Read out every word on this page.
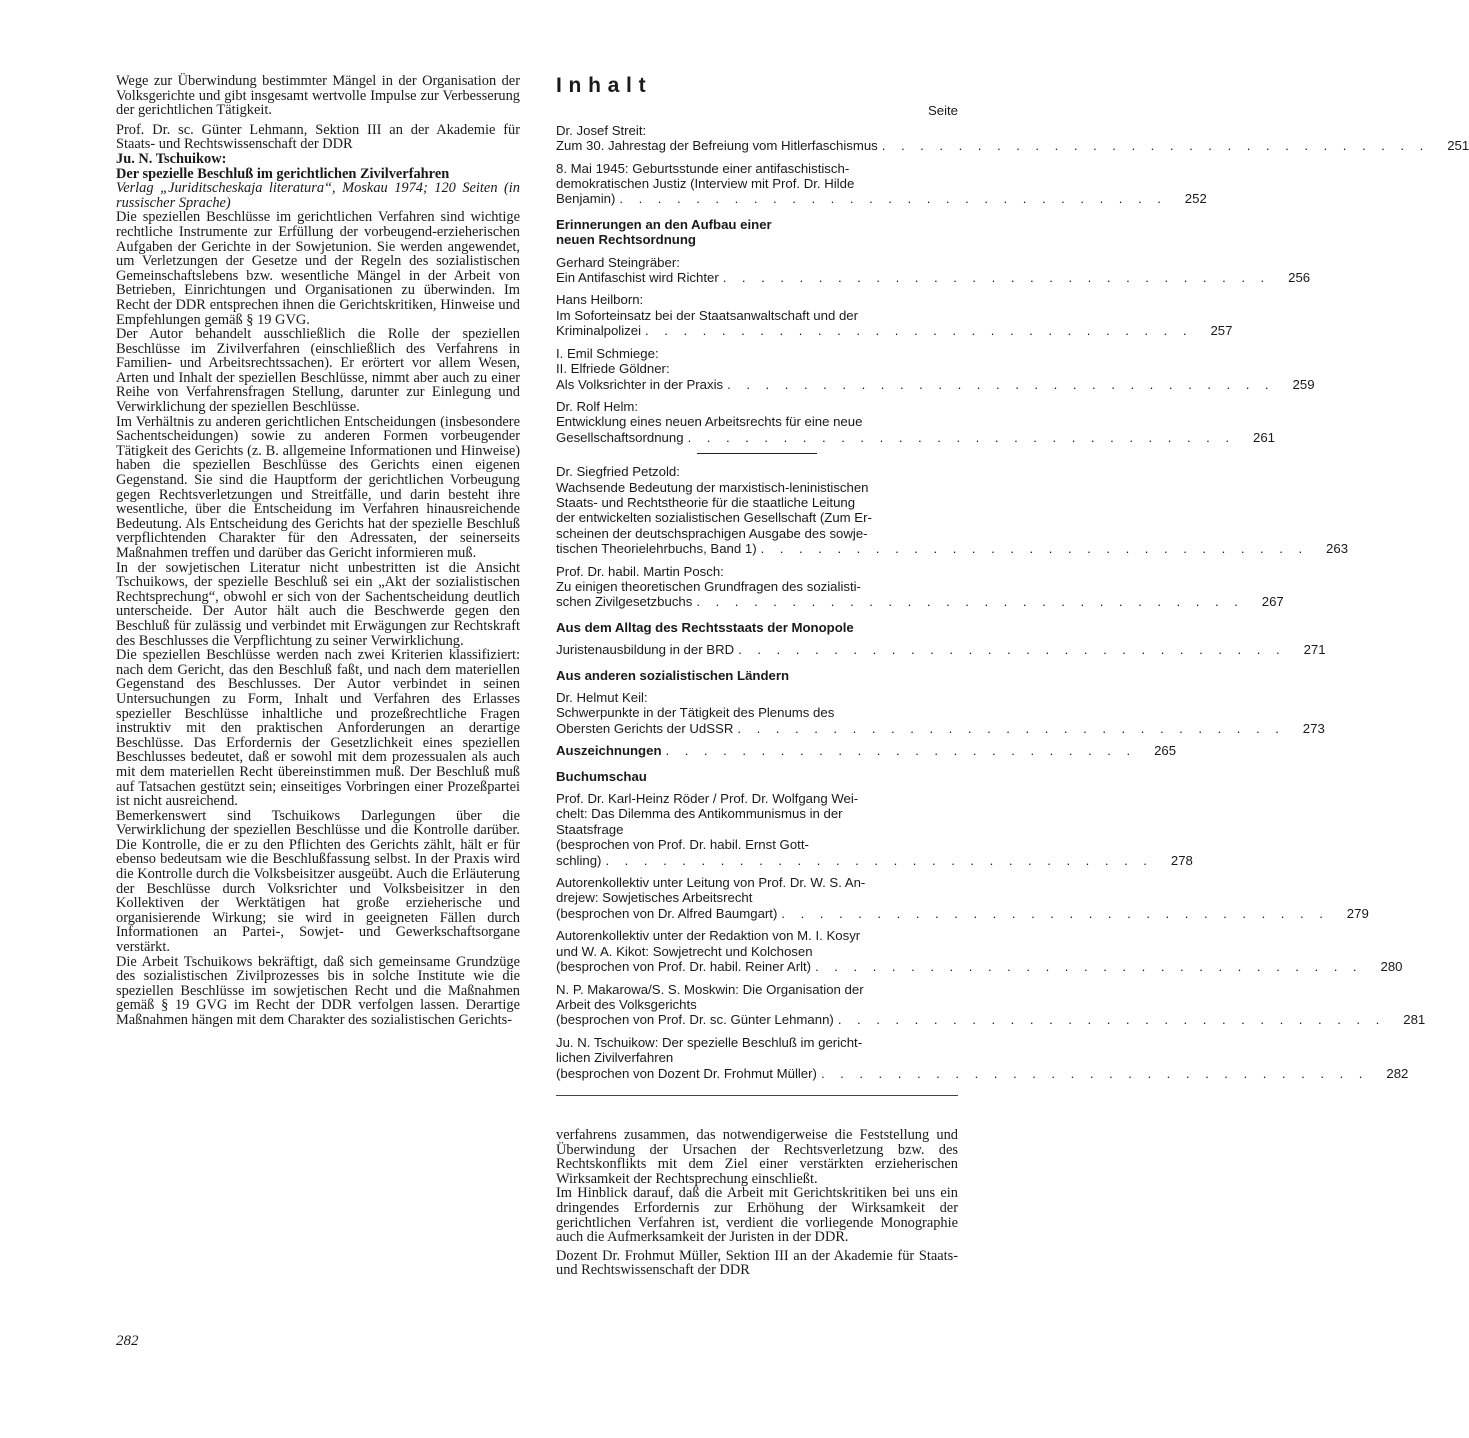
Wege zur Überwindung bestimmter Mängel in der Organisation der Volksgerichte und gibt insgesamt wertvolle Impulse zur Verbesserung der gerichtlichen Tätigkeit.

Prof. Dr. sc. Günter Lehmann, Sektion III an der Akademie für Staats- und Rechtswissenschaft der DDR

Ju. N. Tschuikow:

Der spezielle Beschluß im gerichtlichen Zivilverfahren

Verlag „Juriditscheskaja literatura“, Moskau 1974; 120 Seiten (in russischer Sprache)

Die speziellen Beschlüsse im gerichtlichen Verfahren sind wichtige rechtliche Instrumente zur Erfüllung der vorbeugend-erzieherischen Aufgaben der Gerichte in der Sowjetunion. Sie werden angewendet, um Verletzungen der Gesetze und der Regeln des sozialistischen Gemeinschaftslebens bzw. wesentliche Mängel in der Arbeit von Betrieben, Einrichtungen und Organisationen zu überwinden. Im Recht der DDR entsprechen ihnen die Gerichtskritiken, Hinweise und Empfehlungen gemäß § 19 GVG.

Der Autor behandelt ausschließlich die Rolle der speziellen Beschlüsse im Zivilverfahren (einschließlich des Verfahrens in Familien- und Arbeitsrechtssachen). Er erörtert vor allem Wesen, Arten und Inhalt der speziellen Beschlüsse, nimmt aber auch zu einer Reihe von Verfahrensfragen Stellung, darunter zur Einlegung und Verwirklichung der speziellen Beschlüsse.

Im Verhältnis zu anderen gerichtlichen Entscheidungen (insbesondere Sachentscheidungen) sowie zu anderen Formen vorbeugender Tätigkeit des Gerichts (z. B. allgemeine Informationen und Hinweise) haben die speziellen Beschlüsse des Gerichts einen eigenen Gegenstand. Sie sind die Hauptform der gerichtlichen Vorbeugung gegen Rechtsverletzungen und Streitfälle, und darin besteht ihre wesentliche, über die Entscheidung im Verfahren hinausreichende Bedeutung. Als Entscheidung des Gerichts hat der spezielle Beschluß verpflichtenden Charakter für den Adressaten, der seinerseits Maßnahmen treffen und darüber das Gericht informieren muß.

In der sowjetischen Literatur nicht unbestritten ist die Ansicht Tschuikows, der spezielle Beschluß sei ein „Akt der sozialistischen Rechtsprechung“, obwohl er sich von der Sachentscheidung deutlich unterscheide. Der Autor hält auch die Beschwerde gegen den Beschluß für zulässig und verbindet mit Erwägungen zur Rechtskraft des Beschlusses die Verpflichtung zu seiner Verwirklichung.

Die speziellen Beschlüsse werden nach zwei Kriterien klassifiziert: nach dem Gericht, das den Beschluß faßt, und nach dem materiellen Gegenstand des Beschlusses. Der Autor verbindet in seinen Untersuchungen zu Form, Inhalt und Verfahren des Erlasses spezieller Beschlüsse inhaltliche und prozeßrechtliche Fragen instruktiv mit den praktischen Anforderungen an derartige Beschlüsse. Das Erfordernis der Gesetzlichkeit eines speziellen Beschlusses bedeutet, daß er sowohl mit dem prozessualen als auch mit dem materiellen Recht übereinstimmen muß. Der Beschluß muß auf Tatsachen gestützt sein; einseitiges Vorbringen einer Prozeßpartei ist nicht ausreichend.

Bemerkenswert sind Tschuikows Darlegungen über die Verwirklichung der speziellen Beschlüsse und die Kontrolle darüber. Die Kontrolle, die er zu den Pflichten des Gerichts zählt, hält er für ebenso bedeutsam wie die Beschlußfassung selbst. In der Praxis wird die Kontrolle durch die Volksbeisitzer ausgeübt. Auch die Erläuterung der Beschlüsse durch Volksrichter und Volksbeisitzer in den Kollektiven der Werktätigen hat große erzieherische und organisierende Wirkung; sie wird in geeigneten Fällen durch Informationen an Partei-, Sowjet- und Gewerkschaftsorgane verstärkt.

Die Arbeit Tschuikows bekräftigt, daß sich gemeinsame Grundzüge des sozialistischen Zivilprozesses bis in solche Institute wie die speziellen Beschlüsse im sowjetischen Recht und die Maßnahmen gemäß § 19 GVG im Recht der DDR verfolgen lassen. Derartige Maßnahmen hängen mit dem Charakter des sozialistischen Gerichts-

282
Inhalt
Seite
Dr. Josef Streit:
Zum 30. Jahrestag der Befreiung vom Hitlerfaschismus . . . . . . . . . . . . . . . . . . . . . . . . . . . . .	251
8. Mai 1945: Geburtsstunde einer antifaschistisch-
demokratischen Justiz (Interview mit Prof. Dr. Hilde
Benjamin) . . . . . . . . . . . . . . . . . . . . . . . . . . . . .	252
Erinnerungen an den Aufbau einer neuen Rechtsordnung
Gerhard Steingräber:
Ein Antifaschist wird Richter . . . . . . . . . . . . . . . . . . . . . . . . . . . . .	256
Hans Heilborn:
Im Soforteinsatz bei der Staatsanwaltschaft und der
Kriminalpolizei . . . . . . . . . . . . . . . . . . . . . . . . . . . . .	257
I. Emil Schmiege:
II. Elfriede Göldner:
Als Volksrichter in der Praxis . . . . . . . . . . . . . . . . . . . . . . . . . . . . .	259
Dr. Rolf Helm:
Entwicklung eines neuen Arbeitsrechts für eine neue
Gesellschaftsordnung . . . . . . . . . . . . . . . . . . . . . . . . . . . . .	261
Dr. Siegfried Petzold:
Wachsende Bedeutung der marxistisch-leninistischen
Staats- und Rechtstheorie für die staatliche Leitung
der entwickelten sozialistischen Gesellschaft (Zum Er-
scheinen der deutschsprachigen Ausgabe des sowje-
tischen Theorielehrbuchs, Band 1) . . . . . . . . . . . . . . . . . . . . . . . . . . . . .	263
Prof. Dr. habil. Martin Posch:
Zu einigen theoretischen Grundfragen des sozialisti-
schen Zivilgesetzbuchs . . . . . . . . . . . . . . . . . . . . . . . . . . . . .	267
Aus dem Alltag des Rechtsstaats der Monopole
Juristenausbildung in der BRD . . . . . . . . . . . . . . . . . . . . . . . . . . . . .	271
Aus anderen sozialistischen Ländern
Dr. Helmut Keil:
Schwerpunkte in der Tätigkeit des Plenums des
Obersten Gerichts der UdSSR . . . . . . . . . . . . . . . . . . . . . . . . . . . . .	273
Auszeichnungen . . . . . . . . . . . . . . . . . . . . . . . . .	265
Buchumschau
Prof. Dr. Karl-Heinz Röder / Prof. Dr. Wolfgang Wei-
chelt: Das Dilemma des Antikommunismus in der
Staatsfrage
(besprochen von Prof. Dr. habil. Ernst Gott-
schling) . . . . . . . . . . . . . . . . . . . . . . . . . . . . .	278
Autorenkollektiv unter Leitung von Prof. Dr. W. S. An-
drejew: Sowjetisches Arbeitsrecht
(besprochen von Dr. Alfred Baumgart) . . . . . . . . . . . . . . . . . . . . . . . . . . . . .	279
Autorenkollektiv unter der Redaktion von M. I. Kosyr
und W. A. Kikot: Sowjetrecht und Kolchosen
(besprochen von Prof. Dr. habil. Reiner Arlt) . . . . . . . . . . . . . . . . . . . . . . . . . . . . .	280
N. P. Makarowa/S. S. Moskwin: Die Organisation der
Arbeit des Volksgerichts
(besprochen von Prof. Dr. sc. Günter Lehmann) . . . . . . . . . . . . . . . . . . . . . . . . . . . . .	281
Ju. N. Tschuikow: Der spezielle Beschluß im gericht-
lichen Zivilverfahren
(besprochen von Dozent Dr. Frohmut Müller) . . . . . . . . . . . . . . . . . . . . . . . . . . . . .	282

verfahrens zusammen, das notwendigerweise die Feststellung und Überwindung der Ursachen der Rechtsverletzung bzw. des Rechtskonflikts mit dem Ziel einer verstärkten erzieherischen Wirksamkeit der Rechtsprechung einschließt.

Im Hinblick darauf, daß die Arbeit mit Gerichtskritiken bei uns ein dringendes Erfordernis zur Erhöhung der Wirksamkeit der gerichtlichen Verfahren ist, verdient die vorliegende Monographie auch die Aufmerksamkeit der Juristen in der DDR.

Dozent Dr. Frohmut Müller, Sektion III an der Akademie für Staats- und Rechtswissenschaft der DDR
